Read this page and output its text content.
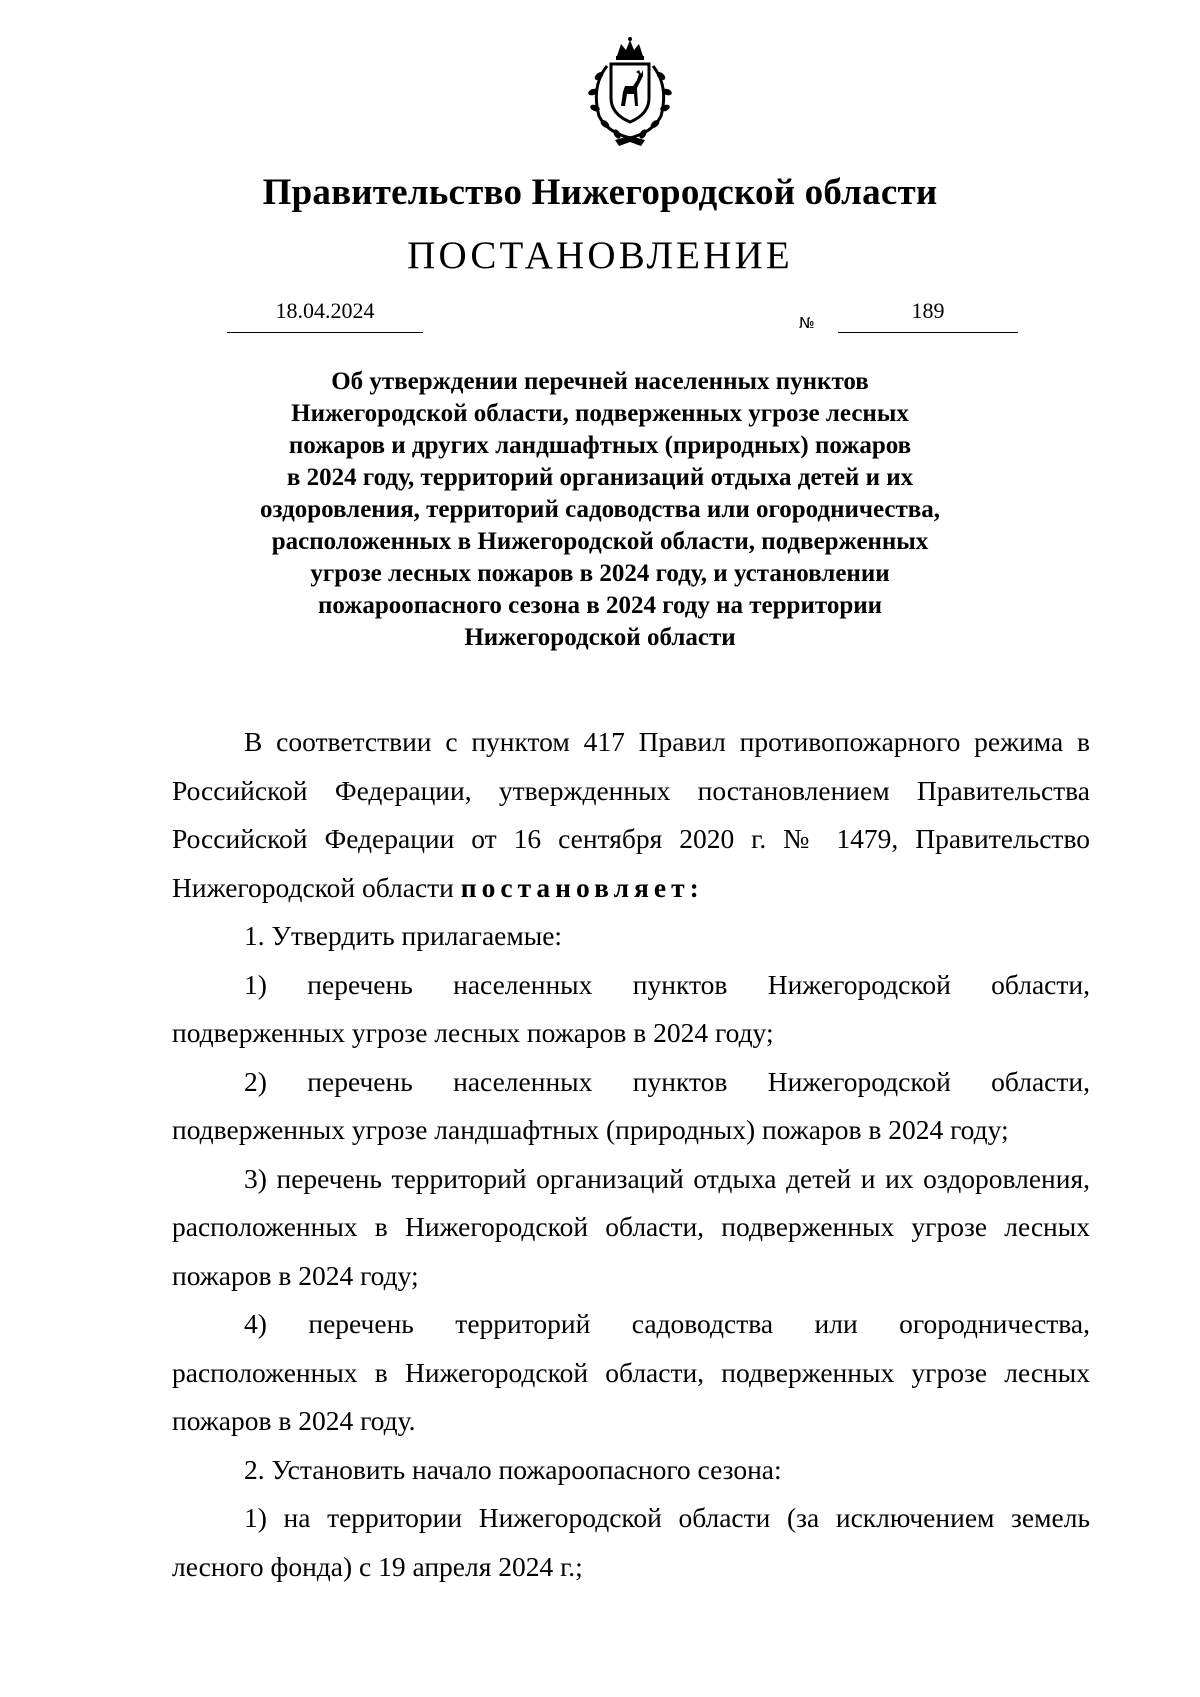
Правительство Нижегородской области
ПОСТАНОВЛЕНИЕ
18.04.2024	№	189
Об утверждении перечней населенных пунктов
Нижегородской области, подверженных угрозе лесных
пожаров и других ландшафтных (природных) пожаров
в 2024 году, территорий организаций отдыха детей и их
оздоровления, территорий садоводства или огородничества,
расположенных в Нижегородской области, подверженных
угрозе лесных пожаров в 2024 году, и установлении
пожароопасного сезона в 2024 году на территории
Нижегородской области

В соответствии с пунктом 417 Правил противопожарного режима в Российской Федерации, утвержденных постановлением Правительства Российской Федерации от 16 сентября 2020 г. № 1479, Правительство Нижегородской области постановляет:

1. Утвердить прилагаемые:

1) перечень населенных пунктов Нижегородской области, подверженных угрозе лесных пожаров в 2024 году;

2) перечень населенных пунктов Нижегородской области, подверженных угрозе ландшафтных (природных) пожаров в 2024 году;

3) перечень территорий организаций отдыха детей и их оздоровления, расположенных в Нижегородской области, подверженных угрозе лесных пожаров в 2024 году;

4) перечень территорий садоводства или огородничества, расположенных в Нижегородской области, подверженных угрозе лесных пожаров в 2024 году.

2. Установить начало пожароопасного сезона:

1) на территории Нижегородской области (за исключением земель лесного фонда) с 19 апреля 2024 г.;
